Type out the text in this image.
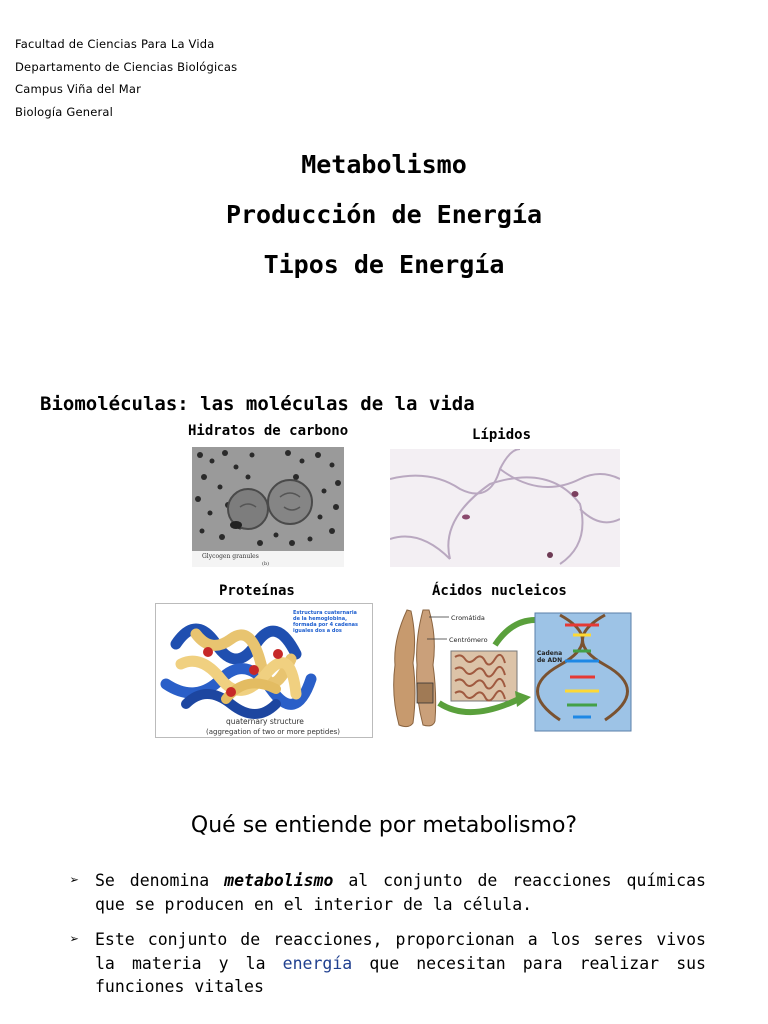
Facultad de Ciencias Para La Vida
Departamento de Ciencias Biológicas
Campus Viña del Mar
Biología General
Metabolismo
Producción de Energía
Tipos de Energía
Biomoléculas: las moléculas de la vida
Hidratos de carbono
Glycogen granules
(b)
Lípidos
Proteínas
Estructura cuaternaria de la hemoglobina, formada por 4 cadenas iguales dos a dos
quaternary structure
(aggregation of two or more peptides)
Ácidos nucleicos
Cromátida
Centrómero
Cadena
de ADN
Qué se entiende por metabolismo?
➢ Se denomina metabolismo al conjunto de reacciones químicas que se producen en el interior de la célula.
➢ Este conjunto de reacciones, proporcionan a los seres vivos la materia y la energía que necesitan para realizar sus funciones vitales
